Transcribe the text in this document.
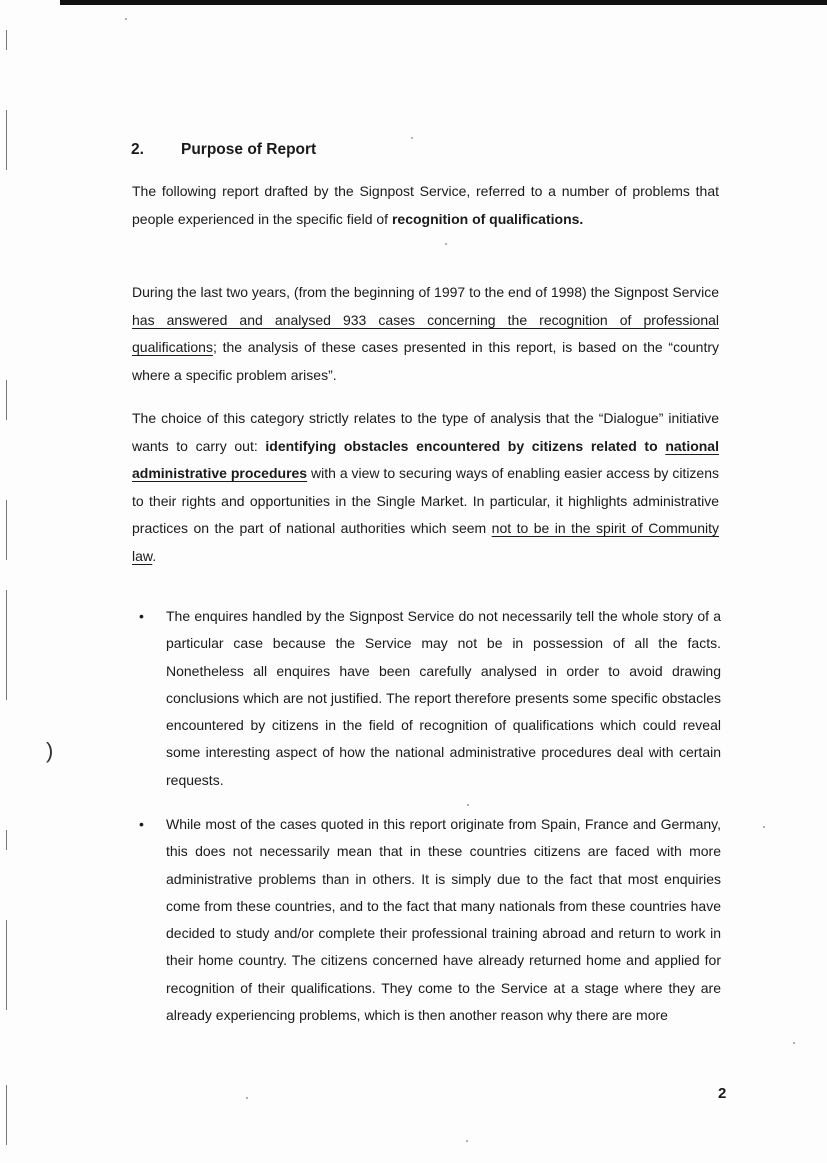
)
2. Purpose of Report

The following report drafted by the Signpost Service, referred to a number of problems that people experienced in the specific field of recognition of qualifications.

During the last two years, (from the beginning of 1997 to the end of 1998) the Signpost Service has answered and analysed 933 cases concerning the recognition of professional qualifications; the analysis of these cases presented in this report, is based on the “country where a specific problem arises”.

The choice of this category strictly relates to the type of analysis that the “Dialogue” initiative wants to carry out: identifying obstacles encountered by citizens related to national administrative procedures with a view to securing ways of enabling easier access by citizens to their rights and opportunities in the Single Market. In particular, it highlights administrative practices on the part of national authorities which seem not to be in the spirit of Community law.

• The enquires handled by the Signpost Service do not necessarily tell the whole story of a particular case because the Service may not be in possession of all the facts. Nonetheless all enquires have been carefully analysed in order to avoid drawing conclusions which are not justified. The report therefore presents some specific obstacles encountered by citizens in the field of recognition of qualifications which could reveal some interesting aspect of how the national administrative procedures deal with certain requests.
• While most of the cases quoted in this report originate from Spain, France and Germany, this does not necessarily mean that in these countries citizens are faced with more administrative problems than in others. It is simply due to the fact that most enquiries come from these countries, and to the fact that many nationals from these countries have decided to study and/or complete their professional training abroad and return to work in their home country. The citizens concerned have already returned home and applied for recognition of their qualifications. They come to the Service at a stage where they are already experiencing problems, which is then another reason why there are more
2
